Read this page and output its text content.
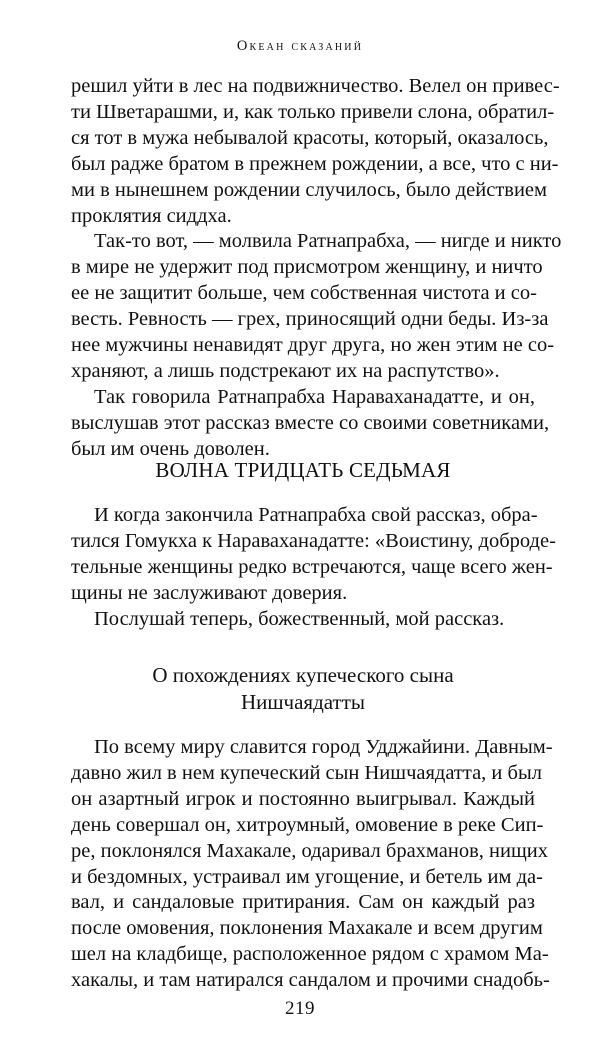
Океан сказаний

решил уйти в лес на подвижничество. Велел он привес-
ти Шветарашми, и, как только привели слона, обратил-
ся тот в мужа небывалой красоты, который, оказалось,
был радже братом в прежнем рождении, а все, что с ни-
ми в нынешнем рождении случилось, было действием
проклятия сиддха.

Так-то вот, — молвила Ратнапрабха, — нигде и никто
в мире не удержит под присмотром женщину, и ничто
ее не защитит больше, чем собственная чистота и со-
весть. Ревность — грех, приносящий одни беды. Из-за
нее мужчины ненавидят друг друга, но жен этим не со-
храняют, а лишь подстрекают их на распутство».

Так говорила Ратнапрабха Нараваханадатте, и он,
выслушав этот рассказ вместе со своими советниками,
был им очень доволен.

ВОЛНА ТРИДЦАТЬ СЕДЬМАЯ

И когда закончила Ратнапрабха свой рассказ, обра-
тился Гомукха к Нараваханадатте: «Воистину, доброде-
тельные женщины редко встречаются, чаще всего жен-
щины не заслуживают доверия.

Послушай теперь, божественный, мой рассказ.

О похождениях купеческого сына
Нишчаядатты

По всему миру славится город Удджайини. Давным-
давно жил в нем купеческий сын Нишчаядатта, и был
он азартный игрок и постоянно выигрывал. Каждый
день совершал он, хитроумный, омовение в реке Сип-
ре, поклонялся Махакале, одаривал брахманов, нищих
и бездомных, устраивал им угощение, и бетель им да-
вал, и сандаловые притирания. Сам он каждый раз
после омовения, поклонения Махакале и всем другим
шел на кладбище, расположенное рядом с храмом Ма-
хакалы, и там натирался сандалом и прочими снадобь-

219
